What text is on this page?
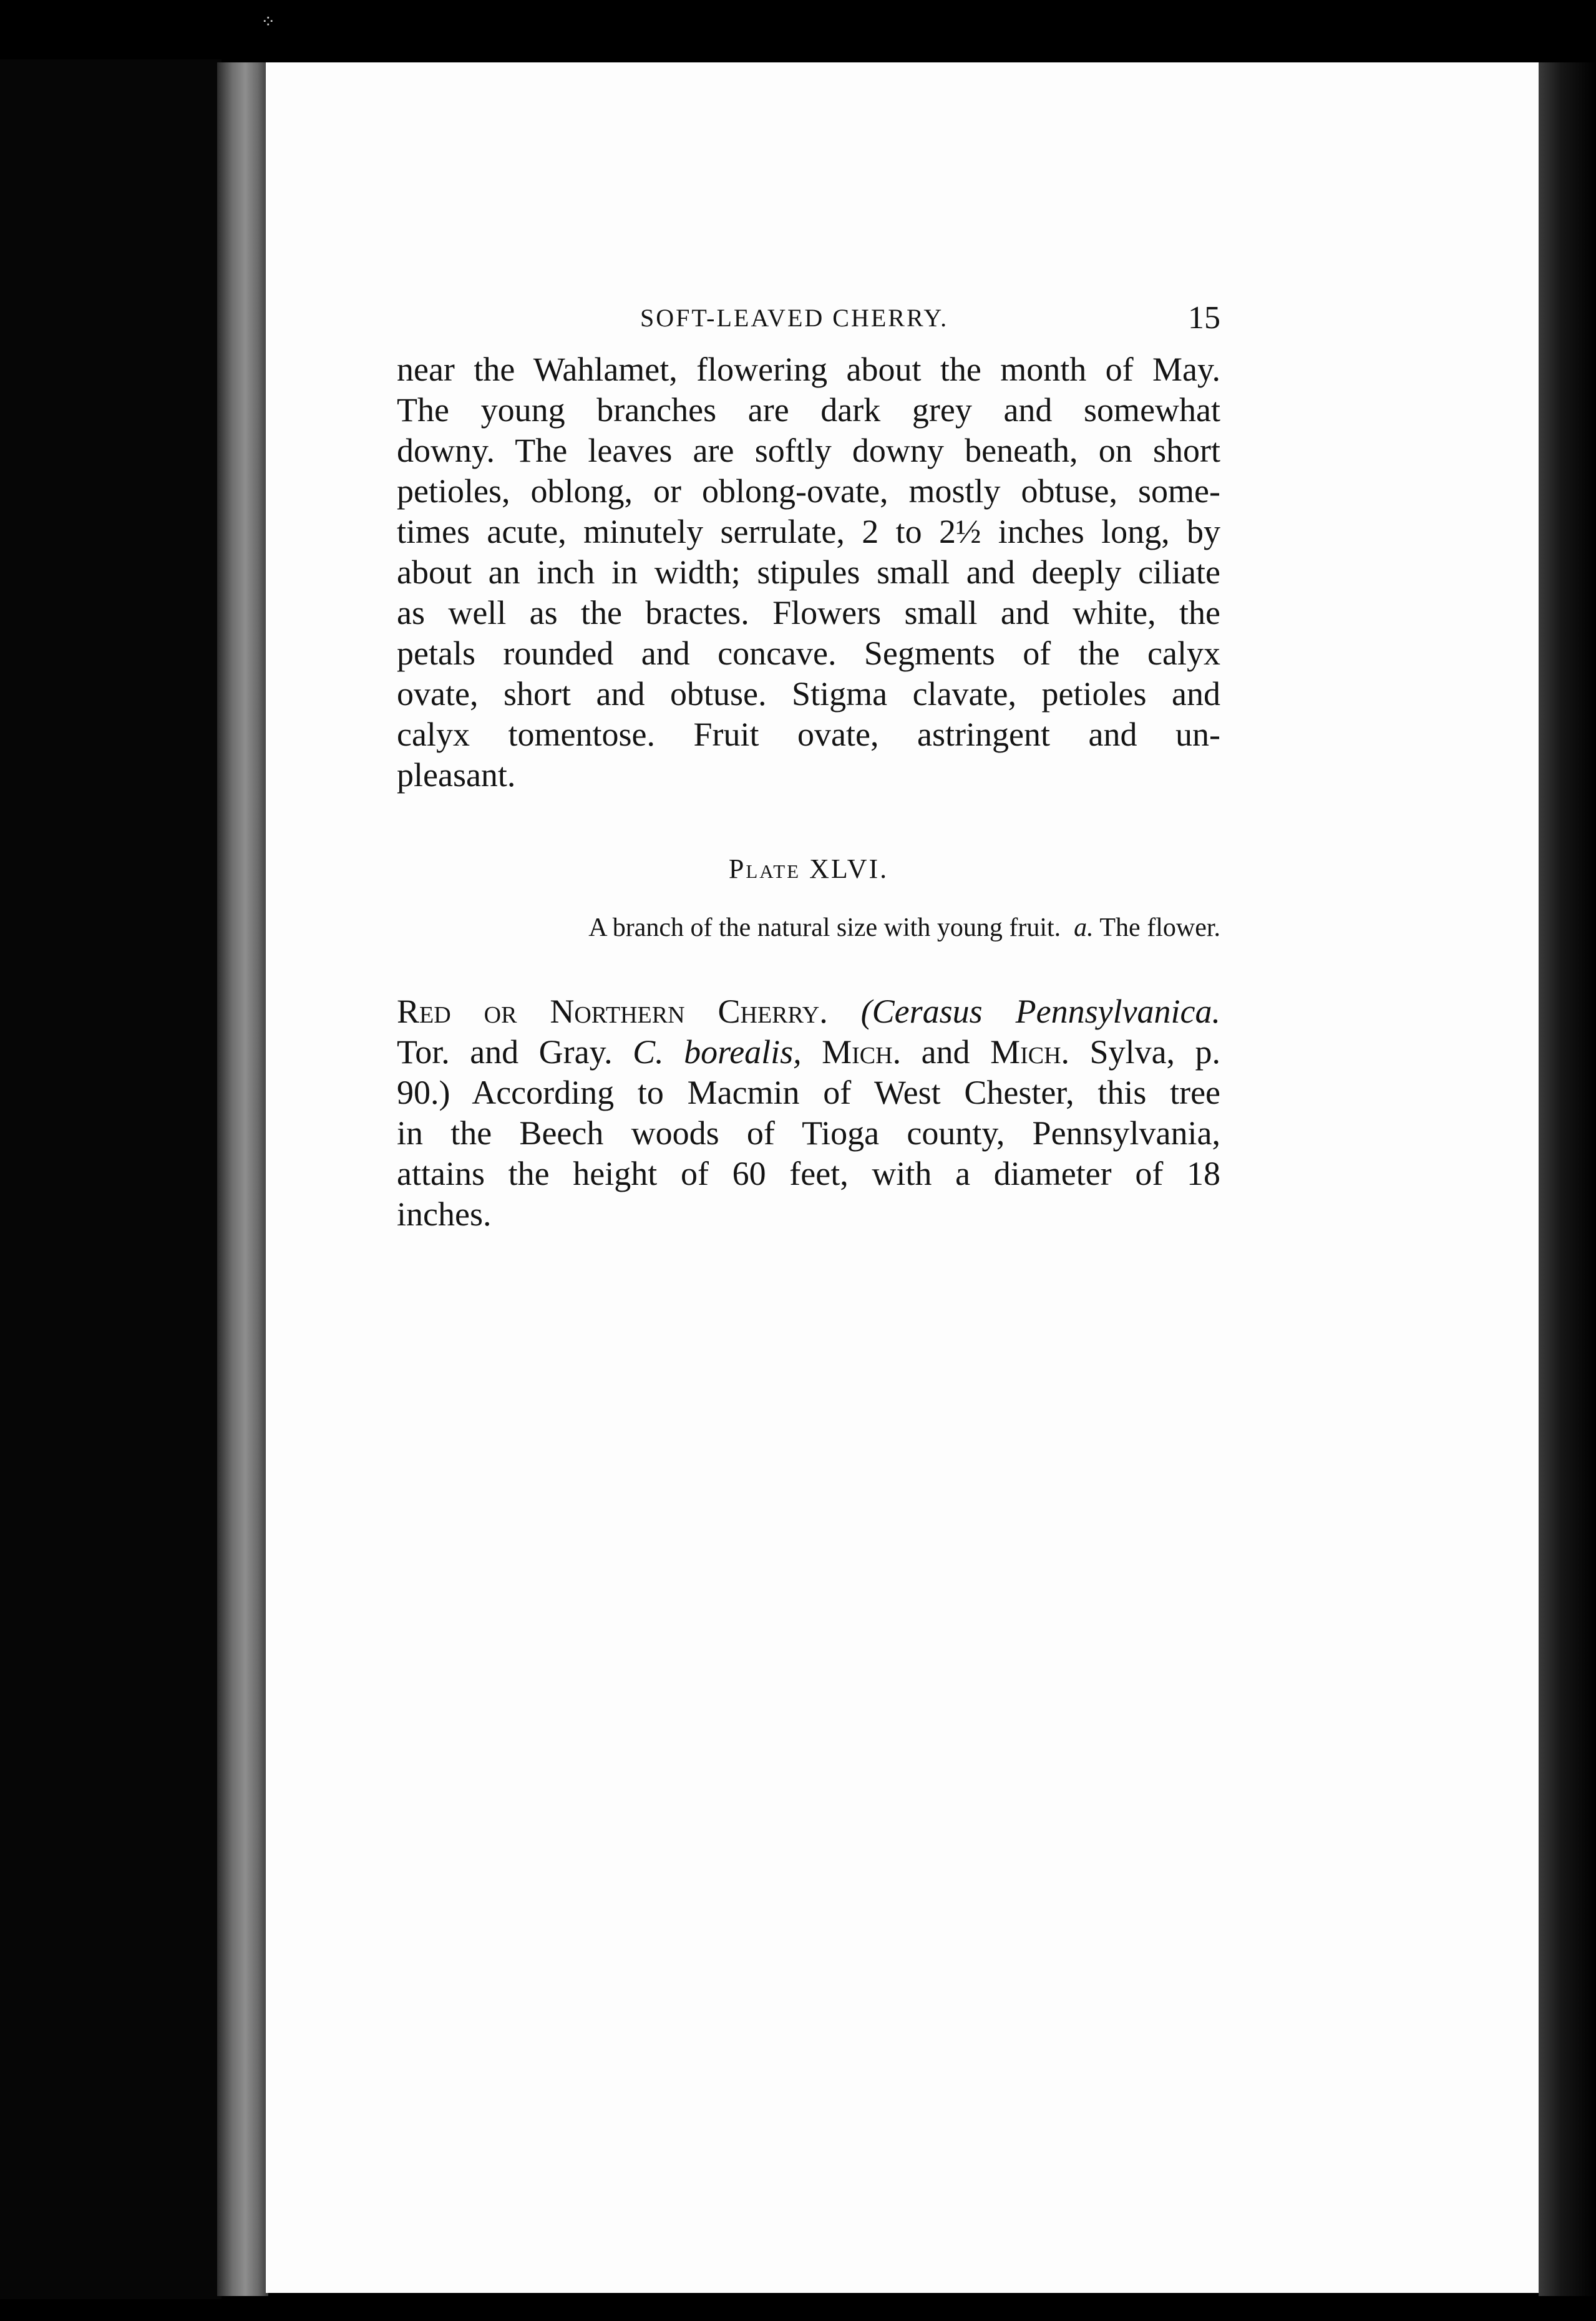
⁘
SOFT-LEAVED CHERRY.	15

near the Wahlamet, flowering about the month of May.
The young branches are dark grey and somewhat
downy. The leaves are softly downy beneath, on short
petioles, oblong, or oblong-ovate, mostly obtuse, some-
times acute, minutely serrulate, 2 to 2½ inches long, by
about an inch in width; stipules small and deeply ciliate
as well as the bractes. Flowers small and white, the
petals rounded and concave. Segments of the calyx
ovate, short and obtuse. Stigma clavate, petioles and
calyx tomentose. Fruit ovate, astringent and un-
pleasant.

Plate XLVI.
A branch of the natural size with young fruit. a. The flower.

Red or Northern Cherry. (Cerasus Pennsylvanica.
Tor. and Gray. C. borealis, Mich. and Mich. Sylva, p.
90.) According to Macmin of West Chester, this tree
in the Beech woods of Tioga county, Pennsylvania,
attains the height of 60 feet, with a diameter of 18
inches.
